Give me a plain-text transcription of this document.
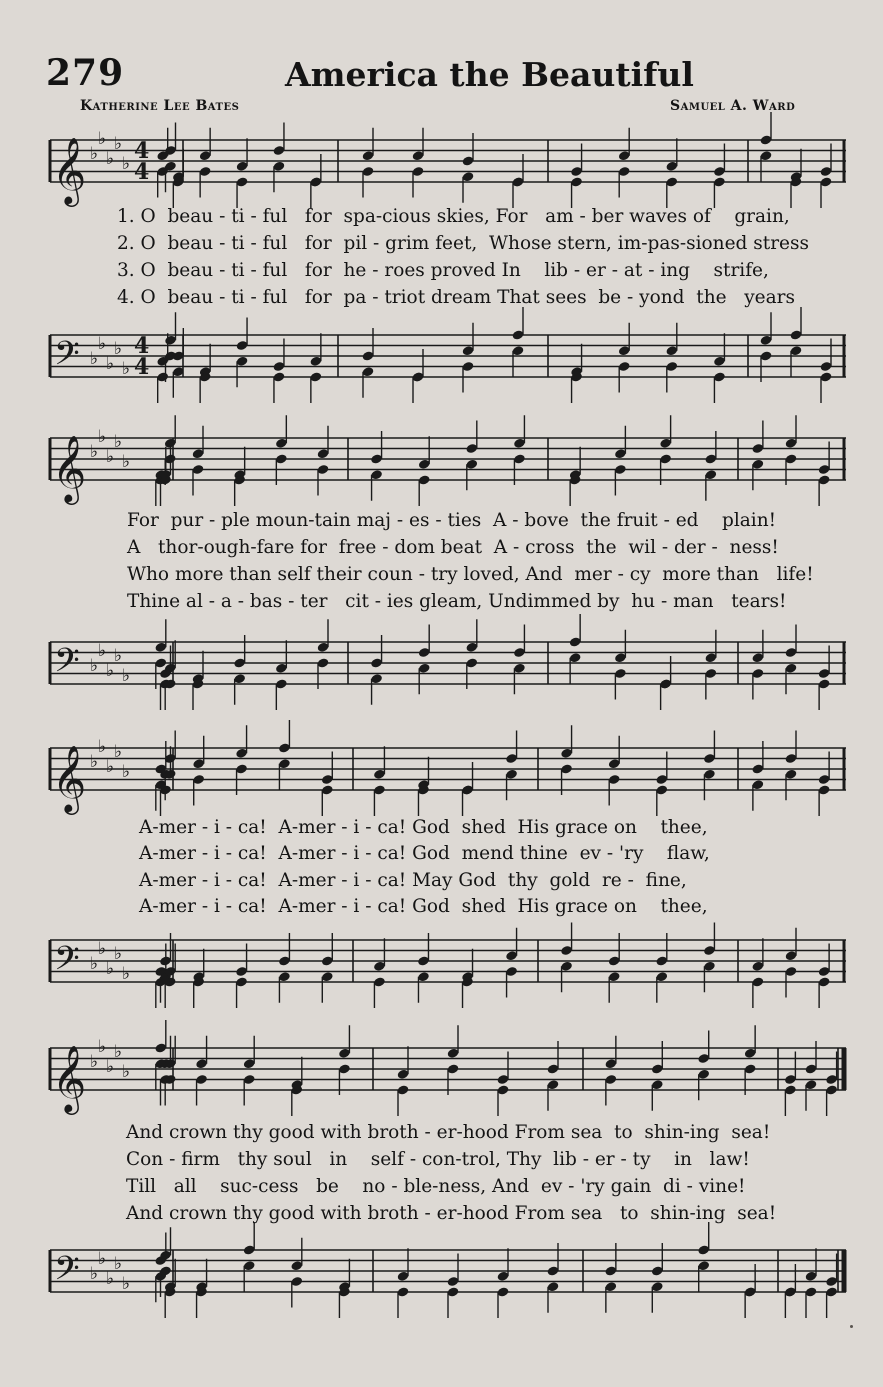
279	America the Beautiful
Katherine Lee Bates	Samuel A. Ward
𝄞 ♭
♭
♭
♭
♭ 4
4
1. O  beau - ti - ful   for  spa-cious skies, For   am - ber waves of    grain,
2. O  beau - ti - ful   for  pil - grim feet,  Whose stern, im-pas-sioned stress
3. O  beau - ti - ful   for  he - roes proved In    lib - er - at - ing    strife,
4. O  beau - ti - ful   for  pa - triot dream That sees  be - yond  the   years
𝄢 ♭
♭
♭
♭
♭
4
4
𝄞 ♭
♭
♭
♭
♭
For  pur - ple moun-tain maj - es - ties  A - bove  the fruit - ed    plain!
A   thor-ough-fare for  free - dom beat  A - cross  the  wil - der -  ness!
Who more than self their coun - try loved, And  mer - cy  more than   life!
Thine al - a - bas - ter   cit - ies gleam, Undimmed by  hu - man   tears!
𝄢 ♭
♭
♭
♭
♭
𝄞 ♭
♭
♭
♭
♭
A-mer - i - ca!  A-mer - i - ca! God  shed  His grace on    thee,
A-mer - i - ca!  A-mer - i - ca! God  mend thine  ev - 'ry    flaw,
A-mer - i - ca!  A-mer - i - ca! May God  thy  gold  re -  fine,
A-mer - i - ca!  A-mer - i - ca! God  shed  His grace on    thee,
𝄢 ♭
♭
♭
♭
♭
𝄞 ♭
♭
♭
♭
♭
And crown thy good with broth - er-hood From sea  to  shin-ing  sea!
Con - firm   thy soul   in    self - con-trol, Thy  lib - er - ty    in   law!
Till   all    suc-cess   be    no - ble-ness, And  ev - 'ry gain  di - vine!
And crown thy good with broth - er-hood From sea   to  shin-ing  sea!
𝄢 ♭
♭
♭
♭
♭
